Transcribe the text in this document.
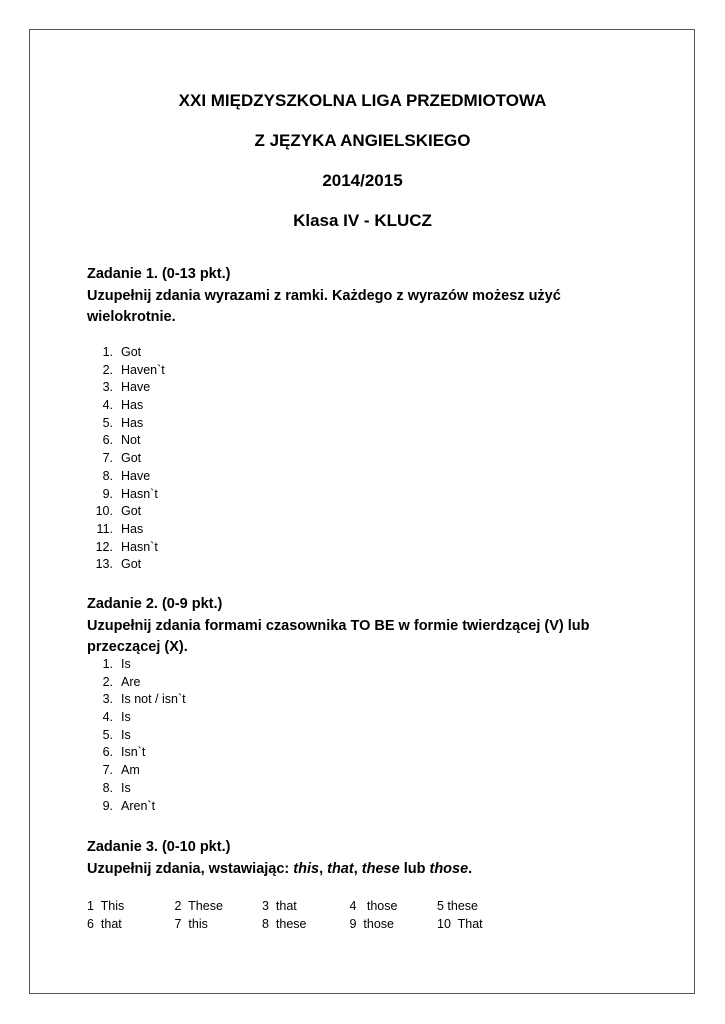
XXI MIĘDZYSZKOLNA LIGA PRZEDMIOTOWA
Z JĘZYKA ANGIELSKIEGO
2014/2015
Klasa IV - KLUCZ

Zadanie 1. (0-13 pkt.)

Uzupełnij zdania wyrazami z ramki. Każdego z wyrazów możesz użyć

wielokrotnie.

1. Got
2. Haven`t
3. Have
4. Has
5. Has
6. Not
7. Got
8. Have
9. Hasn`t
10. Got
11. Has
12. Hasn`t
13. Got

Zadanie 2. (0-9 pkt.)

Uzupełnij zdania formami czasownika TO BE w formie twierdzącej (V) lub

przeczącej (X).

1. Is
2. Are
3. Is not / isn`t
4. Is
5. Is
6. Isn`t
7. Am
8. Is
9. Aren`t

Zadanie 3. (0-10 pkt.)

Uzupełnij zdania, wstawiając: this, that, these lub those.

1  This	2  These	3  that	4   those	5 these
6  that	7  this	8  these	9  those	10  That
